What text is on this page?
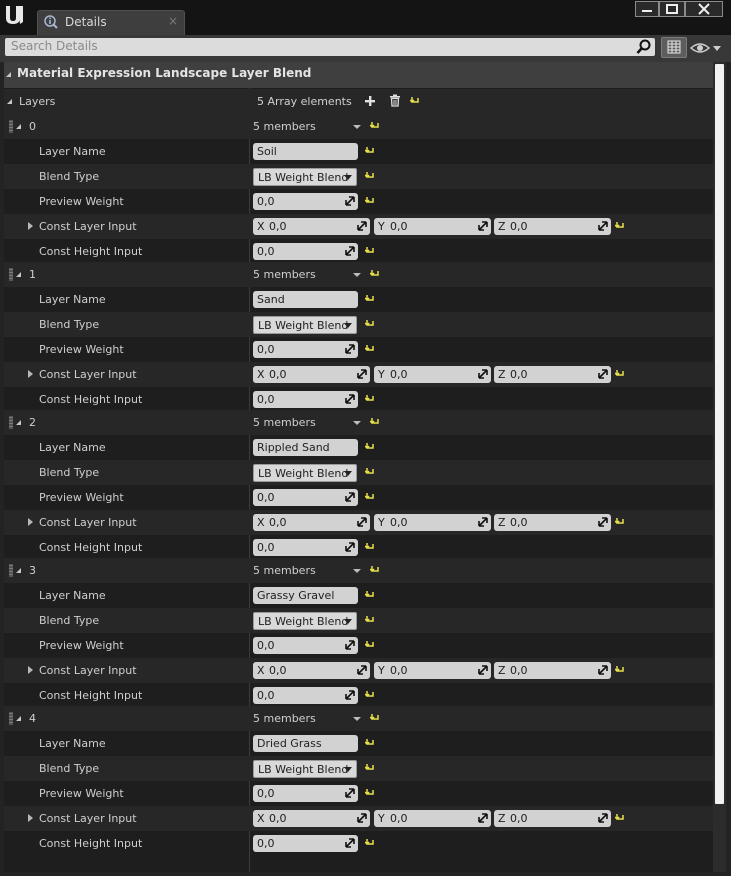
Details	×
Search Details
Material Expression Landscape Layer Blend
Layers	5 Array elements
0	5 members
Layer Name	Soil
Blend Type	LB Weight Blend
Preview Weight	0,0
Const Layer Input	X 0,0	Y 0,0	Z 0,0
Const Height Input	0,0
1	5 members
Layer Name	Sand
Blend Type	LB Weight Blend
Preview Weight	0,0
Const Layer Input	X 0,0	Y 0,0	Z 0,0
Const Height Input	0,0
2	5 members
Layer Name	Rippled Sand
Blend Type	LB Weight Blend
Preview Weight	0,0
Const Layer Input	X 0,0	Y 0,0	Z 0,0
Const Height Input	0,0
3	5 members
Layer Name	Grassy Gravel
Blend Type	LB Weight Blend
Preview Weight	0,0
Const Layer Input	X 0,0	Y 0,0	Z 0,0
Const Height Input	0,0
4	5 members
Layer Name	Dried Grass
Blend Type	LB Weight Blend
Preview Weight	0,0
Const Layer Input	X 0,0	Y 0,0	Z 0,0
Const Height Input	0,0
